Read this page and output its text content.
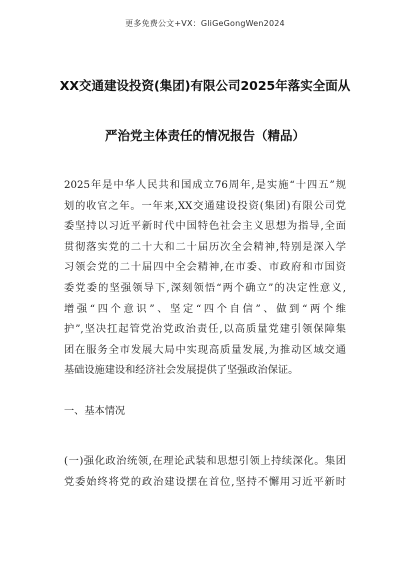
更多免费公文+VX：GliGeGongWen2024
XX交通建设投资(集团)有限公司2025年落实全面从
严治党主体责任的情况报告（精品）
2025年是中华人民共和国成立76周年,是实施“十四五”规
划的收官之年。一年来,XX交通建设投资(集团)有限公司党
委坚持以习近平新时代中国特色社会主义思想为指导,全面
贯彻落实党的二十大和二十届历次全会精神,特别是深入学
习领会党的二十届四中全会精神,在市委、市政府和市国资
委党委的坚强领导下,深刻领悟“两个确立”的决定性意义,
增强“四个意识”、坚定“四个自信”、做到“两个维
护”,坚决扛起管党治党政治责任,以高质量党建引领保障集
团在服务全市发展大局中实现高质量发展,为推动区域交通
基础设施建设和经济社会发展提供了坚强政治保证。
一、基本情况
(一)强化政治统领,在理论武装和思想引领上持续深化。集团
党委始终将党的政治建设摆在首位,坚持不懈用习近平新时
